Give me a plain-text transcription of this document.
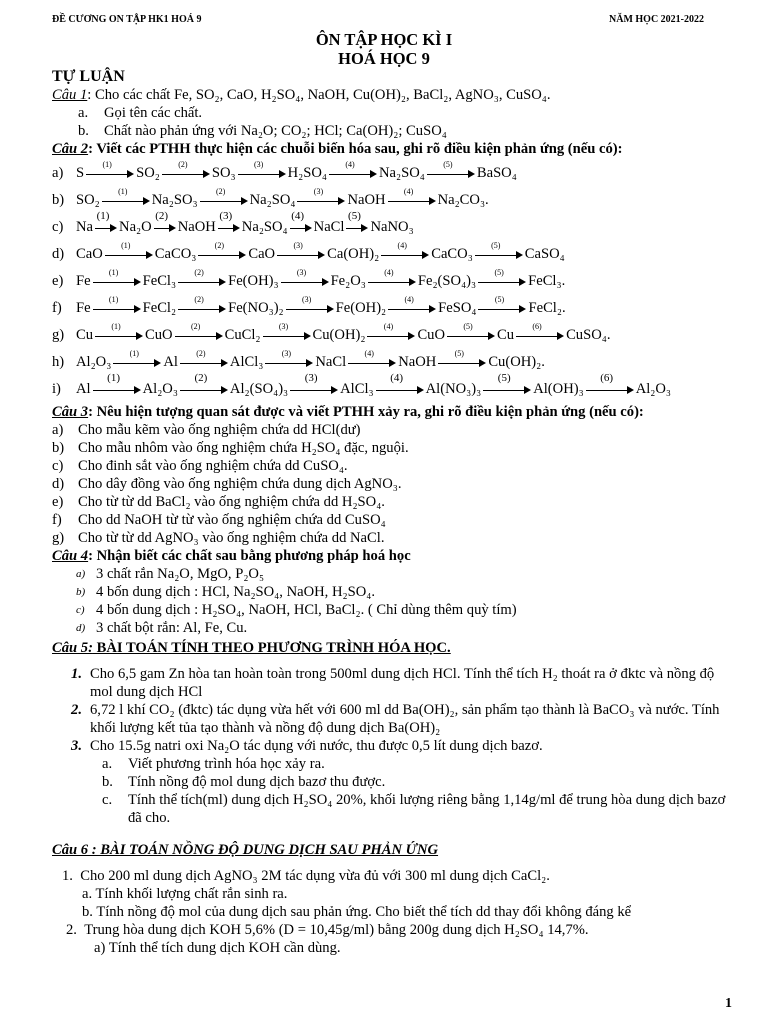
ĐỀ CƯƠNG ON TẬP HK1 HOÁ 9	NĂM HỌC 2021-2022
ÔN TẬP HỌC KÌ I
HOÁ HỌC 9
TỰ LUẬN
Câu 1: Cho các chất Fe, SO₂, CaO, H₂SO₄, NaOH, Cu(OH)₂, BaCl₂, AgNO₃, CuSO₄.
a.	Gọi tên các chất.
b.	Chất nào phản ứng với Na₂O; CO₂; HCl; Ca(OH)₂; CuSO₄
Câu 2: Viết các PTHH thực hiện các chuỗi biến hóa sau, ghi rõ điều kiện phản ứng (nếu có):
a) S
(1)
SO₂
(2)
SO₃
(3)
H₂SO₄
(4)
Na₂SO₄
(5)
BaSO₄
b) SO₂
(1)
Na₂SO₃
(2)
Na₂SO₄
(3)
NaOH
(4)
Na₂CO₃.
c) Na
(1)
Na₂O
(2)
NaOH
(3)
Na₂SO₄
(4)
NaCl
(5)
NaNO₃
d) CaO
(1)
CaCO₃
(2)
CaO
(3)
Ca(OH)₂
(4)
CaCO₃
(5)
CaSO₄
e) Fe
(1)
FeCl₃
(2)
Fe(OH)₃
(3)
Fe₂O₃
(4)
Fe₂(SO₄)₃
(5)
FeCl₃.
f) Fe
(1)
FeCl₂
(2)
Fe(NO₃)₂
(3)
Fe(OH)₂
(4)
FeSO₄
(5)
FeCl₂.
g) Cu
(1)
CuO
(2)
CuCl₂
(3)
Cu(OH)₂
(4)
CuO
(5)
Cu
(6)
CuSO₄.
h) Al₂O₃
(1)
Al
(2)
AlCl₃
(3)
NaCl
(4)
NaOH
(5)
Cu(OH)₂.
i) Al
(1)
Al₂O₃
(2)
Al₂(SO₄)₃
(3)
AlCl₃
(4)
Al(NO₃)₃
(5)
Al(OH)₃
(6)
Al₂O₃
Câu 3: Nêu hiện tượng quan sát được và viết PTHH xảy ra, ghi rõ điều kiện phản ứng (nếu có):
a)	Cho mẫu kẽm vào ống nghiệm chứa dd HCl(dư)
b) Cho mẫu nhôm vào ống nghiệm chứa H₂SO₄ đặc, nguội.
c)	Cho đinh sắt vào ống nghiệm chứa dd CuSO₄.
d) Cho dây đồng vào ống nghiệm chứa dung dịch AgNO₃.
e)	Cho từ từ dd BaCl₂ vào ống nghiệm chứa dd H₂SO₄.
f)	Cho dd NaOH từ từ vào ống nghiệm chứa dd CuSO₄
g) Cho từ từ dd AgNO₃ vào ống nghiệm chứa dd NaCl.
Câu 4: Nhận biết các chất sau bằng phương pháp hoá học
a) 3 chất rắn Na₂O, MgO, P₂O₅
b) 4 bốn dung dịch : HCl, Na₂SO₄, NaOH, H₂SO₄.
c) 4 bốn dung dịch : H₂SO₄, NaOH, HCl, BaCl₂. ( Chỉ dùng thêm quỳ tím)
d) 3 chất bột rắn: Al, Fe, Cu.
Câu 5: BÀI TOÁN TÍNH THEO PHƯƠNG TRÌNH HÓA HỌC.
1. Cho 6,5 gam Zn hòa tan hoàn toàn trong 500ml dung dịch HCl. Tính thể tích H₂ thoát ra ở đktc và nồng độ mol dung dịch HCl
2. 6,72 l khí CO₂ (đktc) tác dụng vừa hết với 600 ml dd Ba(OH)₂, sản phẩm tạo thành là BaCO₃ và nước. Tính khối lượng kết tủa tạo thành và nồng độ dung dịch Ba(OH)₂
3. Cho 15.5g natri oxi Na₂O tác dụng với nước, thu được 0,5 lít dung dịch bazơ.
a.	Viết phương trình hóa học xảy ra.
b.	Tính nồng độ mol dung dịch bazơ thu được.
c.	Tính thể tích(ml) dung dịch H₂SO₄ 20%, khối lượng riêng bằng 1,14g/ml để trung hòa dung dịch bazơ đã cho.
Câu 6 : BÀI TOÁN NỒNG ĐỘ DUNG DỊCH SAU PHẢN ỨNG
1. Cho 200 ml dung dịch AgNO₃ 2M tác dụng vừa đủ với 300 ml dung dịch CaCl₂.
a. Tính khối lượng chất rắn sinh ra.
b. Tính nồng độ mol của dung dịch sau phản ứng. Cho biết thể tích dd thay đổi không đáng kể
2. Trung hòa dung dịch KOH 5,6% (D = 10,45g/ml) bằng 200g dung dịch H₂SO₄ 14,7%.
a) Tính thể tích dung dịch KOH cần dùng.
1
